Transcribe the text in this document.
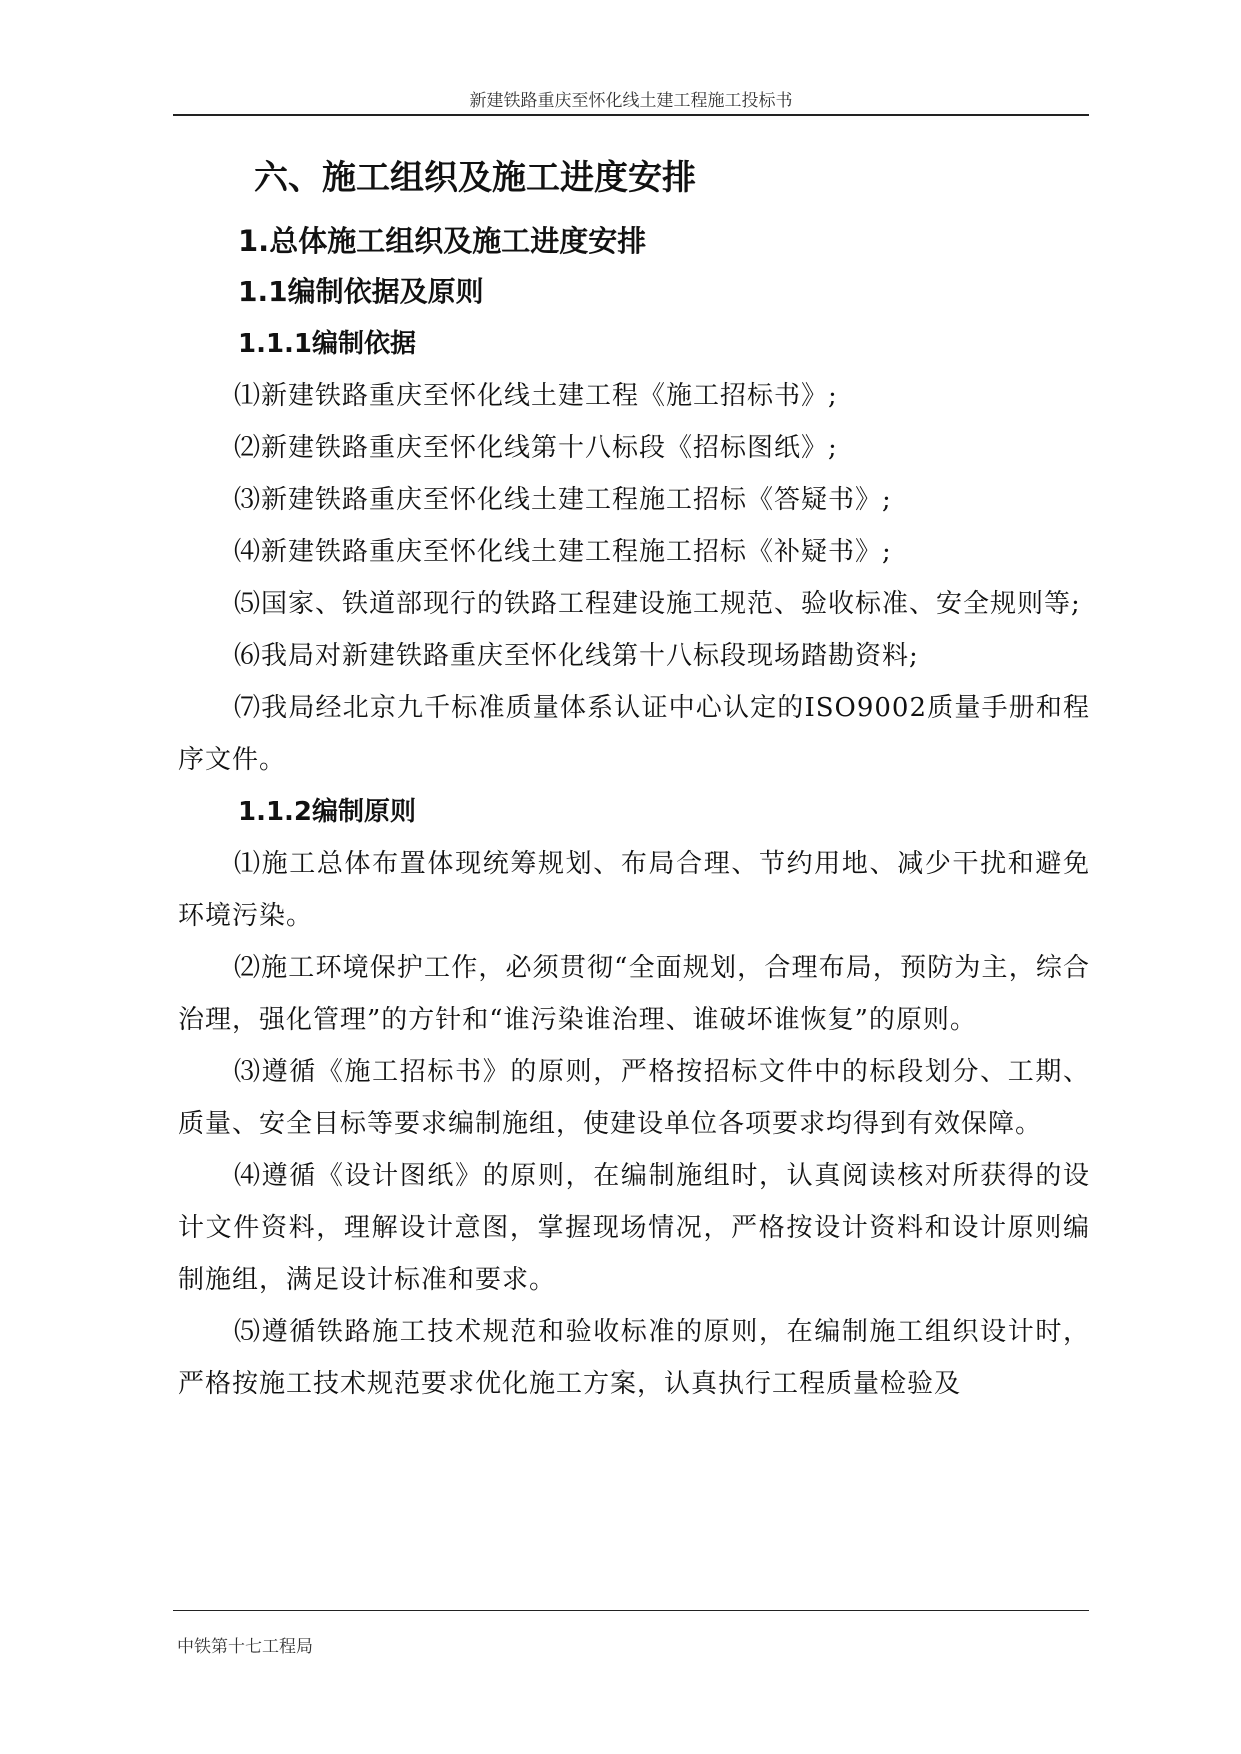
新建铁路重庆至怀化线土建工程施工投标书
六、施工组织及施工进度安排
1.总体施工组织及施工进度安排
1.1编制依据及原则
1.1.1编制依据
⑴新建铁路重庆至怀化线土建工程《施工招标书》;
⑵新建铁路重庆至怀化线第十八标段《招标图纸》;
⑶新建铁路重庆至怀化线土建工程施工招标《答疑书》;
⑷新建铁路重庆至怀化线土建工程施工招标《补疑书》;
⑸国家、铁道部现行的铁路工程建设施工规范、验收标准、安全规则等;
⑹我局对新建铁路重庆至怀化线第十八标段现场踏勘资料;
⑺我局经北京九千标准质量体系认证中心认定的ISO9002质量手册和程序文件。
1.1.2编制原则
⑴施工总体布置体现统筹规划、布局合理、节约用地、减少干扰和避免环境污染。
⑵施工环境保护工作，必须贯彻“全面规划，合理布局，预防为主，综合治理，强化管理”的方针和“谁污染谁治理、谁破坏谁恢复”的原则。
⑶遵循《施工招标书》的原则，严格按招标文件中的标段划分、工期、质量、安全目标等要求编制施组，使建设单位各项要求均得到有效保障。
⑷遵循《设计图纸》的原则，在编制施组时，认真阅读核对所获得的设计文件资料，理解设计意图，掌握现场情况，严格按设计资料和设计原则编制施组，满足设计标准和要求。
⑸遵循铁路施工技术规范和验收标准的原则，在编制施工组织设计时，严格按施工技术规范要求优化施工方案，认真执行工程质量检验及
中铁第十七工程局
